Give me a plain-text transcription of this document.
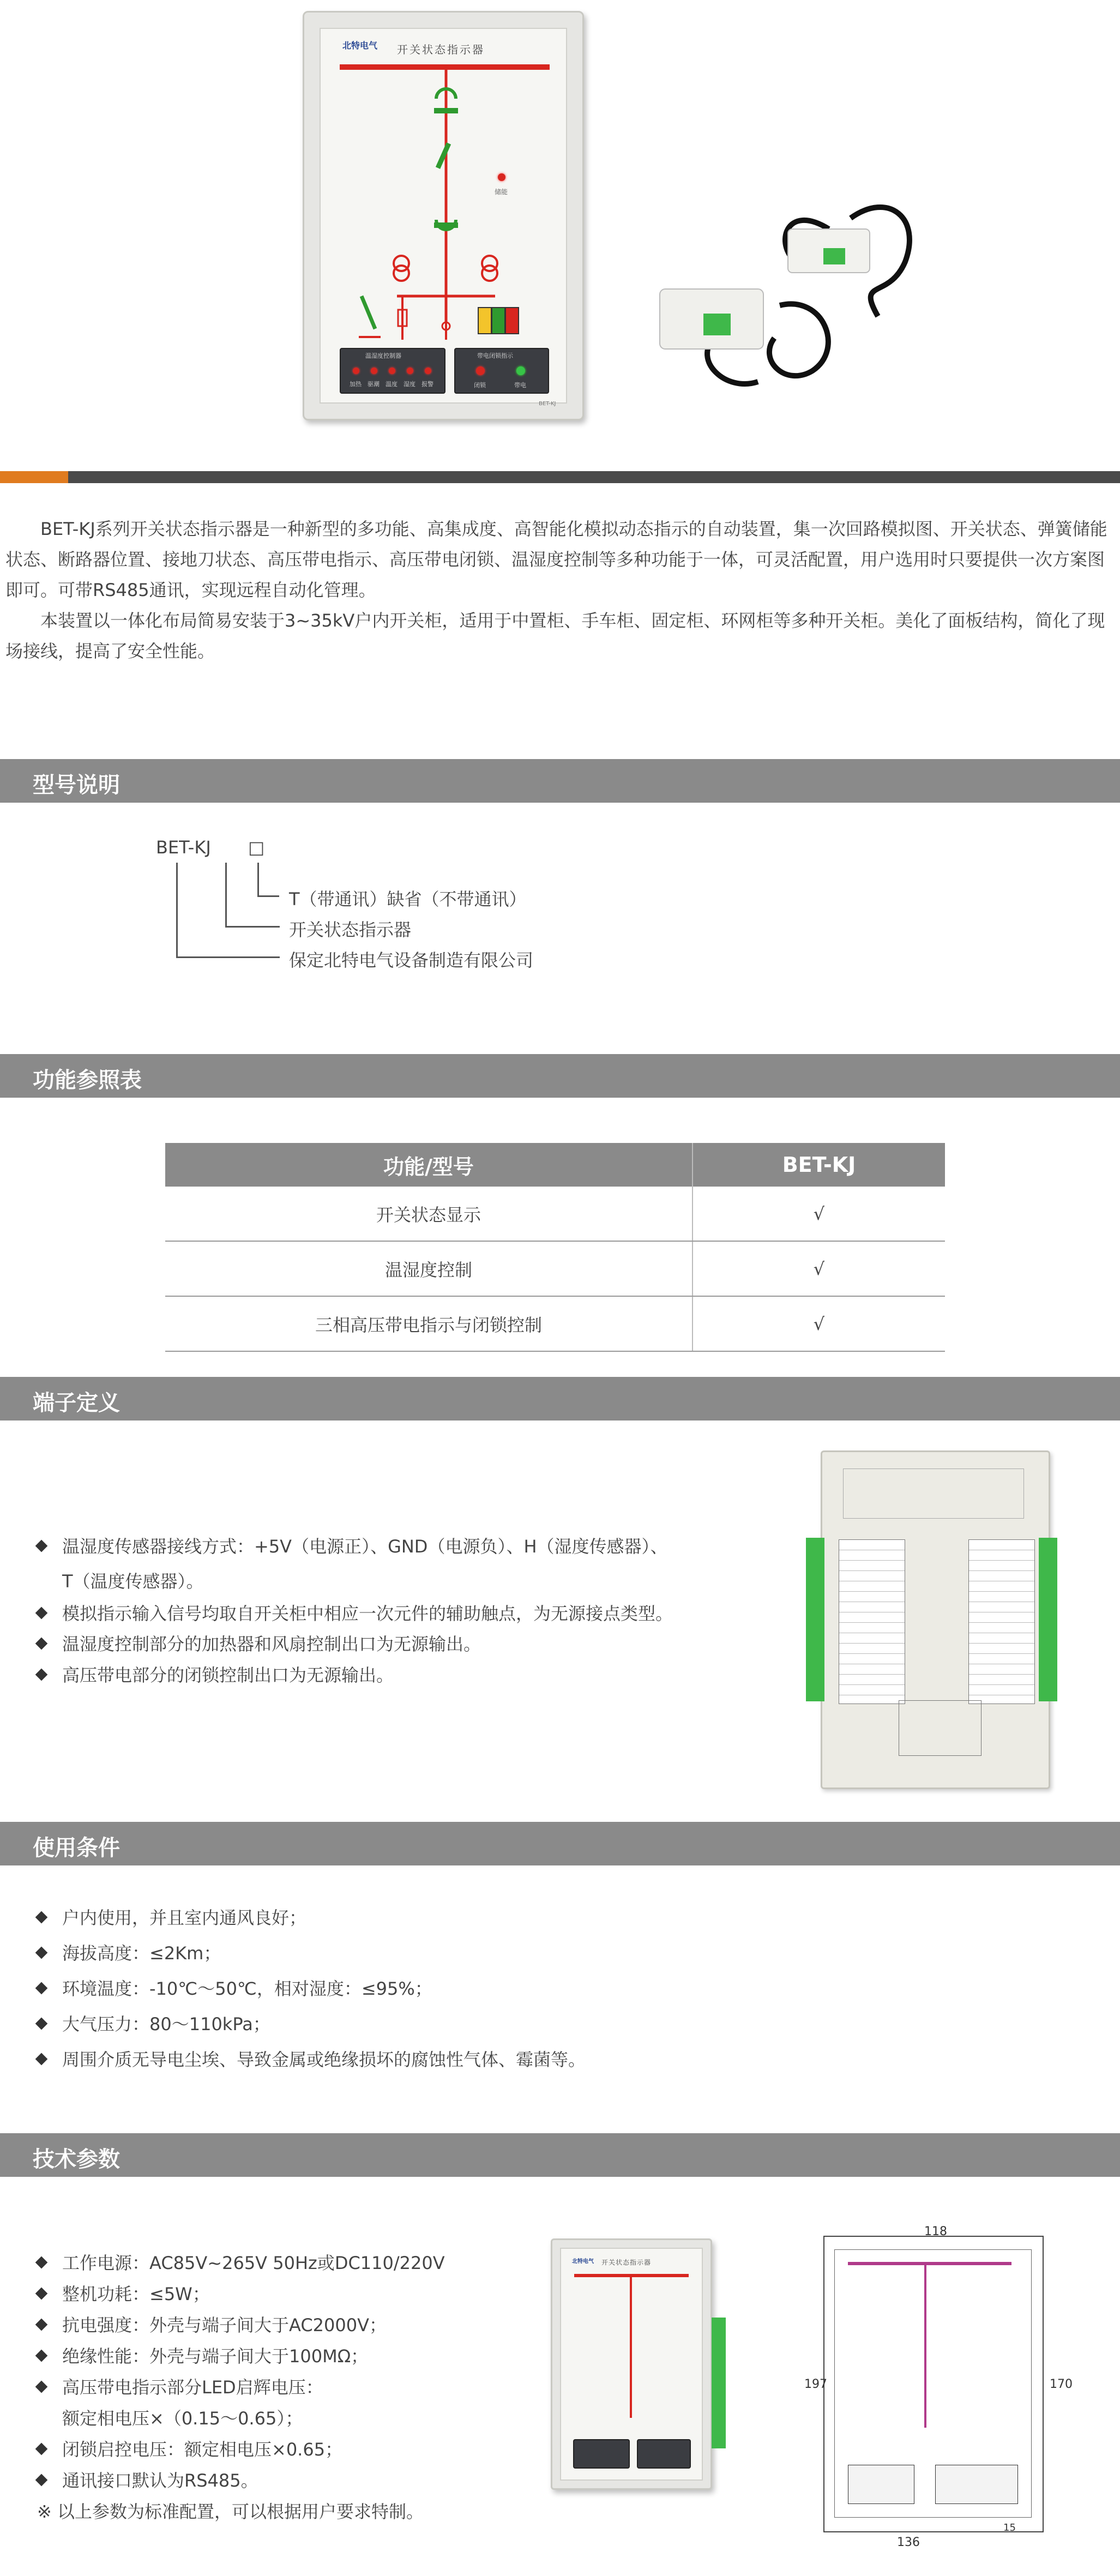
北特电气 开关状态指示器
储能
温湿度控制器
加热 驱潮 温度 湿度 报警
带电闭锁指示
闭锁	带电
BET-KJ
BET-KJ系列开关状态指示器是一种新型的多功能、高集成度、高智能化模拟动态指示的自动装置，集一次回路模拟图、开关状态、弹簧储能状态、断路器位置、接地刀状态、高压带电指示、高压带电闭锁、温湿度控制等多种功能于一体，可灵活配置，用户选用时只要提供一次方案图即可。可带RS485通讯，实现远程自动化管理。
本装置以一体化布局简易安装于3~35kV户内开关柜，适用于中置柜、手车柜、固定柜、环网柜等多种开关柜。美化了面板结构，简化了现场接线，提高了安全性能。
型号说明
BET-KJ □
T（带通讯）缺省（不带通讯）
开关状态指示器
保定北特电气设备制造有限公司
功能参照表
功能/型号	BET-KJ
开关状态显示	√
温湿度控制	√
三相高压带电指示与闭锁控制	√
端子定义
温湿度传感器接线方式：+5V（电源正）、GND（电源负）、H（湿度传感器）、
T（温度传感器）。
模拟指示输入信号均取自开关柜中相应一次元件的辅助触点，为无源接点类型。
温湿度控制部分的加热器和风扇控制出口为无源输出。
高压带电部分的闭锁控制出口为无源输出。
使用条件
户内使用，并且室内通风良好；
海拔高度：≤2Km；
环境温度：-10℃～50℃，相对湿度：≤95%；
大气压力：80～110kPa；
周围介质无导电尘埃、导致金属或绝缘损坏的腐蚀性气体、霉菌等。
技术参数
工作电源：AC85V~265V 50Hz或DC110/220V
整机功耗：≤5W；
抗电强度：外壳与端子间大于AC2000V；
绝缘性能：外壳与端子间大于100MΩ；
高压带电指示部分LED启辉电压：
额定相电压×（0.15～0.65）；
闭锁启控电压：额定相电压×0.65；
通讯接口默认为RS485。
※ 以上参数为标准配置，可以根据用户要求特制。
北特电气 开关状态指示器
118
197	170
136
15
